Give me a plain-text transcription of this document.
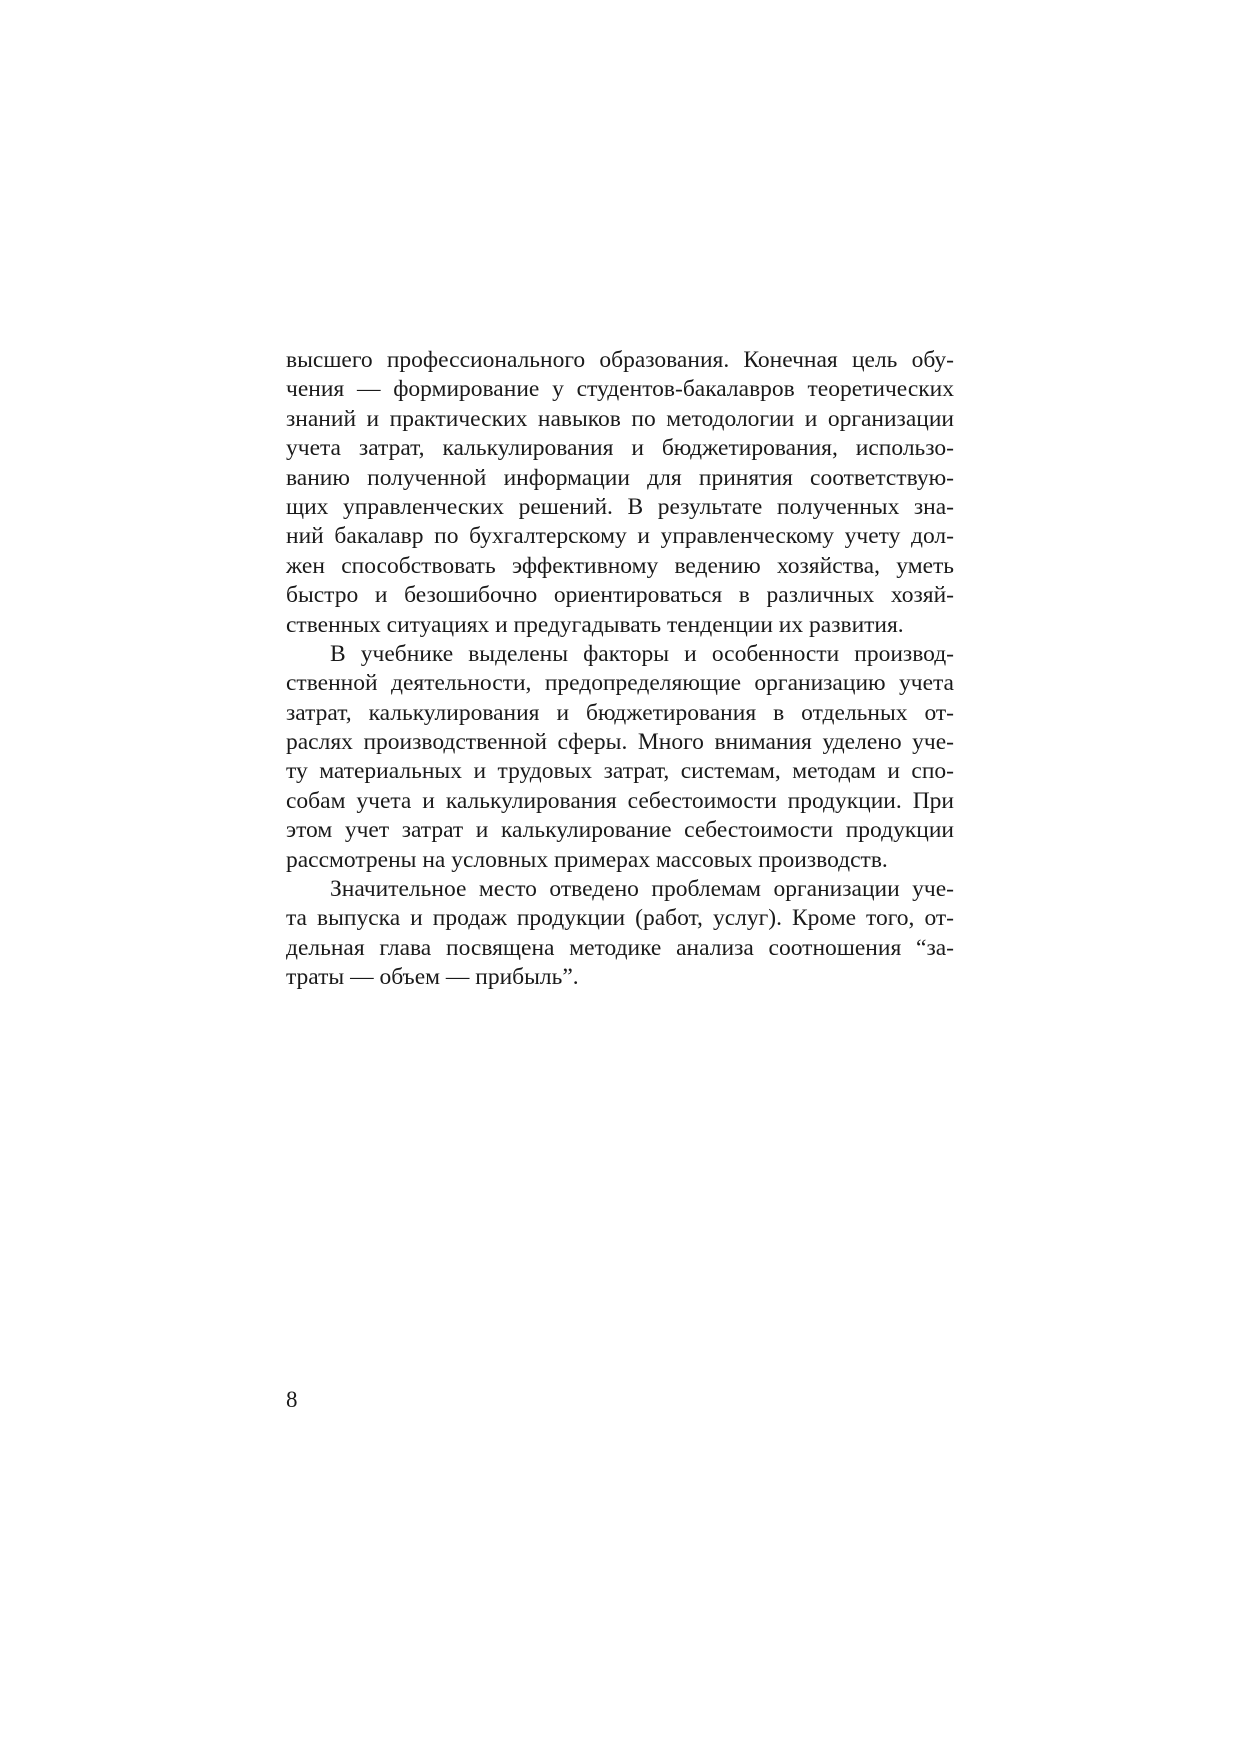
высшего профессионального образования. Конечная цель обу-
чения — формирование у студентов-бакалавров теоретических
знаний и практических навыков по методологии и организации
учета затрат, калькулирования и бюджетирования, использо-
ванию полученной информации для принятия соответствую-
щих управленческих решений. В результате полученных зна-
ний бакалавр по бухгалтерскому и управленческому учету дол-
жен способствовать эффективному ведению хозяйства, уметь
быстро и безошибочно ориентироваться в различных хозяй-
ственных ситуациях и предугадывать тенденции их развития.
В учебнике выделены факторы и особенности производ-
ственной деятельности, предопределяющие организацию учета
затрат, калькулирования и бюджетирования в отдельных от-
раслях производственной сферы. Много внимания уделено уче-
ту материальных и трудовых затрат, системам, методам и спо-
собам учета и калькулирования себестоимости продукции. При
этом учет затрат и калькулирование себестоимости продукции
рассмотрены на условных примерах массовых производств.
Значительное место отведено проблемам организации уче-
та выпуска и продаж продукции (работ, услуг). Кроме того, от-
дельная глава посвящена методике анализа соотношения “за-
траты — объем — прибыль”.
8
